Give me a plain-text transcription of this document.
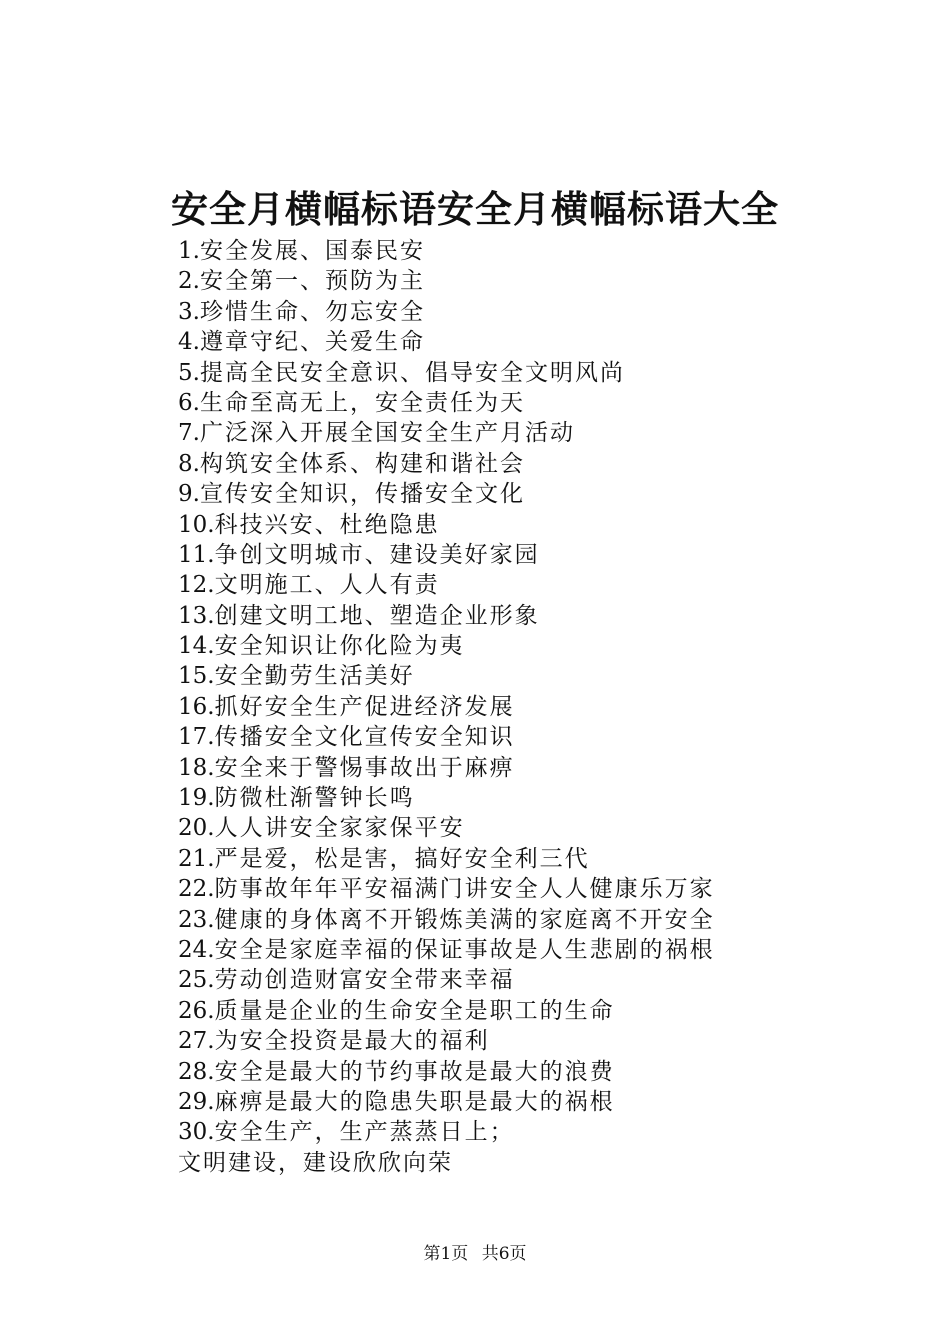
安全月横幅标语安全月横幅标语大全
1.安全发展、国泰民安
2.安全第一、预防为主
3.珍惜生命、勿忘安全
4.遵章守纪、关爱生命
5.提高全民安全意识、倡导安全文明风尚
6.生命至高无上，安全责任为天
7.广泛深入开展全国安全生产月活动
8.构筑安全体系、构建和谐社会
9.宣传安全知识，传播安全文化
10.科技兴安、杜绝隐患
11.争创文明城市、建设美好家园
12.文明施工、人人有责
13.创建文明工地、塑造企业形象
14.安全知识让你化险为夷
15.安全勤劳生活美好
16.抓好安全生产促进经济发展
17.传播安全文化宣传安全知识
18.安全来于警惕事故出于麻痹
19.防微杜渐警钟长鸣
20.人人讲安全家家保平安
21.严是爱，松是害，搞好安全利三代
22.防事故年年平安福满门讲安全人人健康乐万家
23.健康的身体离不开锻炼美满的家庭离不开安全
24.安全是家庭幸福的保证事故是人生悲剧的祸根
25.劳动创造财富安全带来幸福
26.质量是企业的生命安全是职工的生命
27.为安全投资是最大的福利
28.安全是最大的节约事故是最大的浪费
29.麻痹是最大的隐患失职是最大的祸根
30.安全生产，生产蒸蒸日上；
文明建设，建设欣欣向荣
第1页 共6页
